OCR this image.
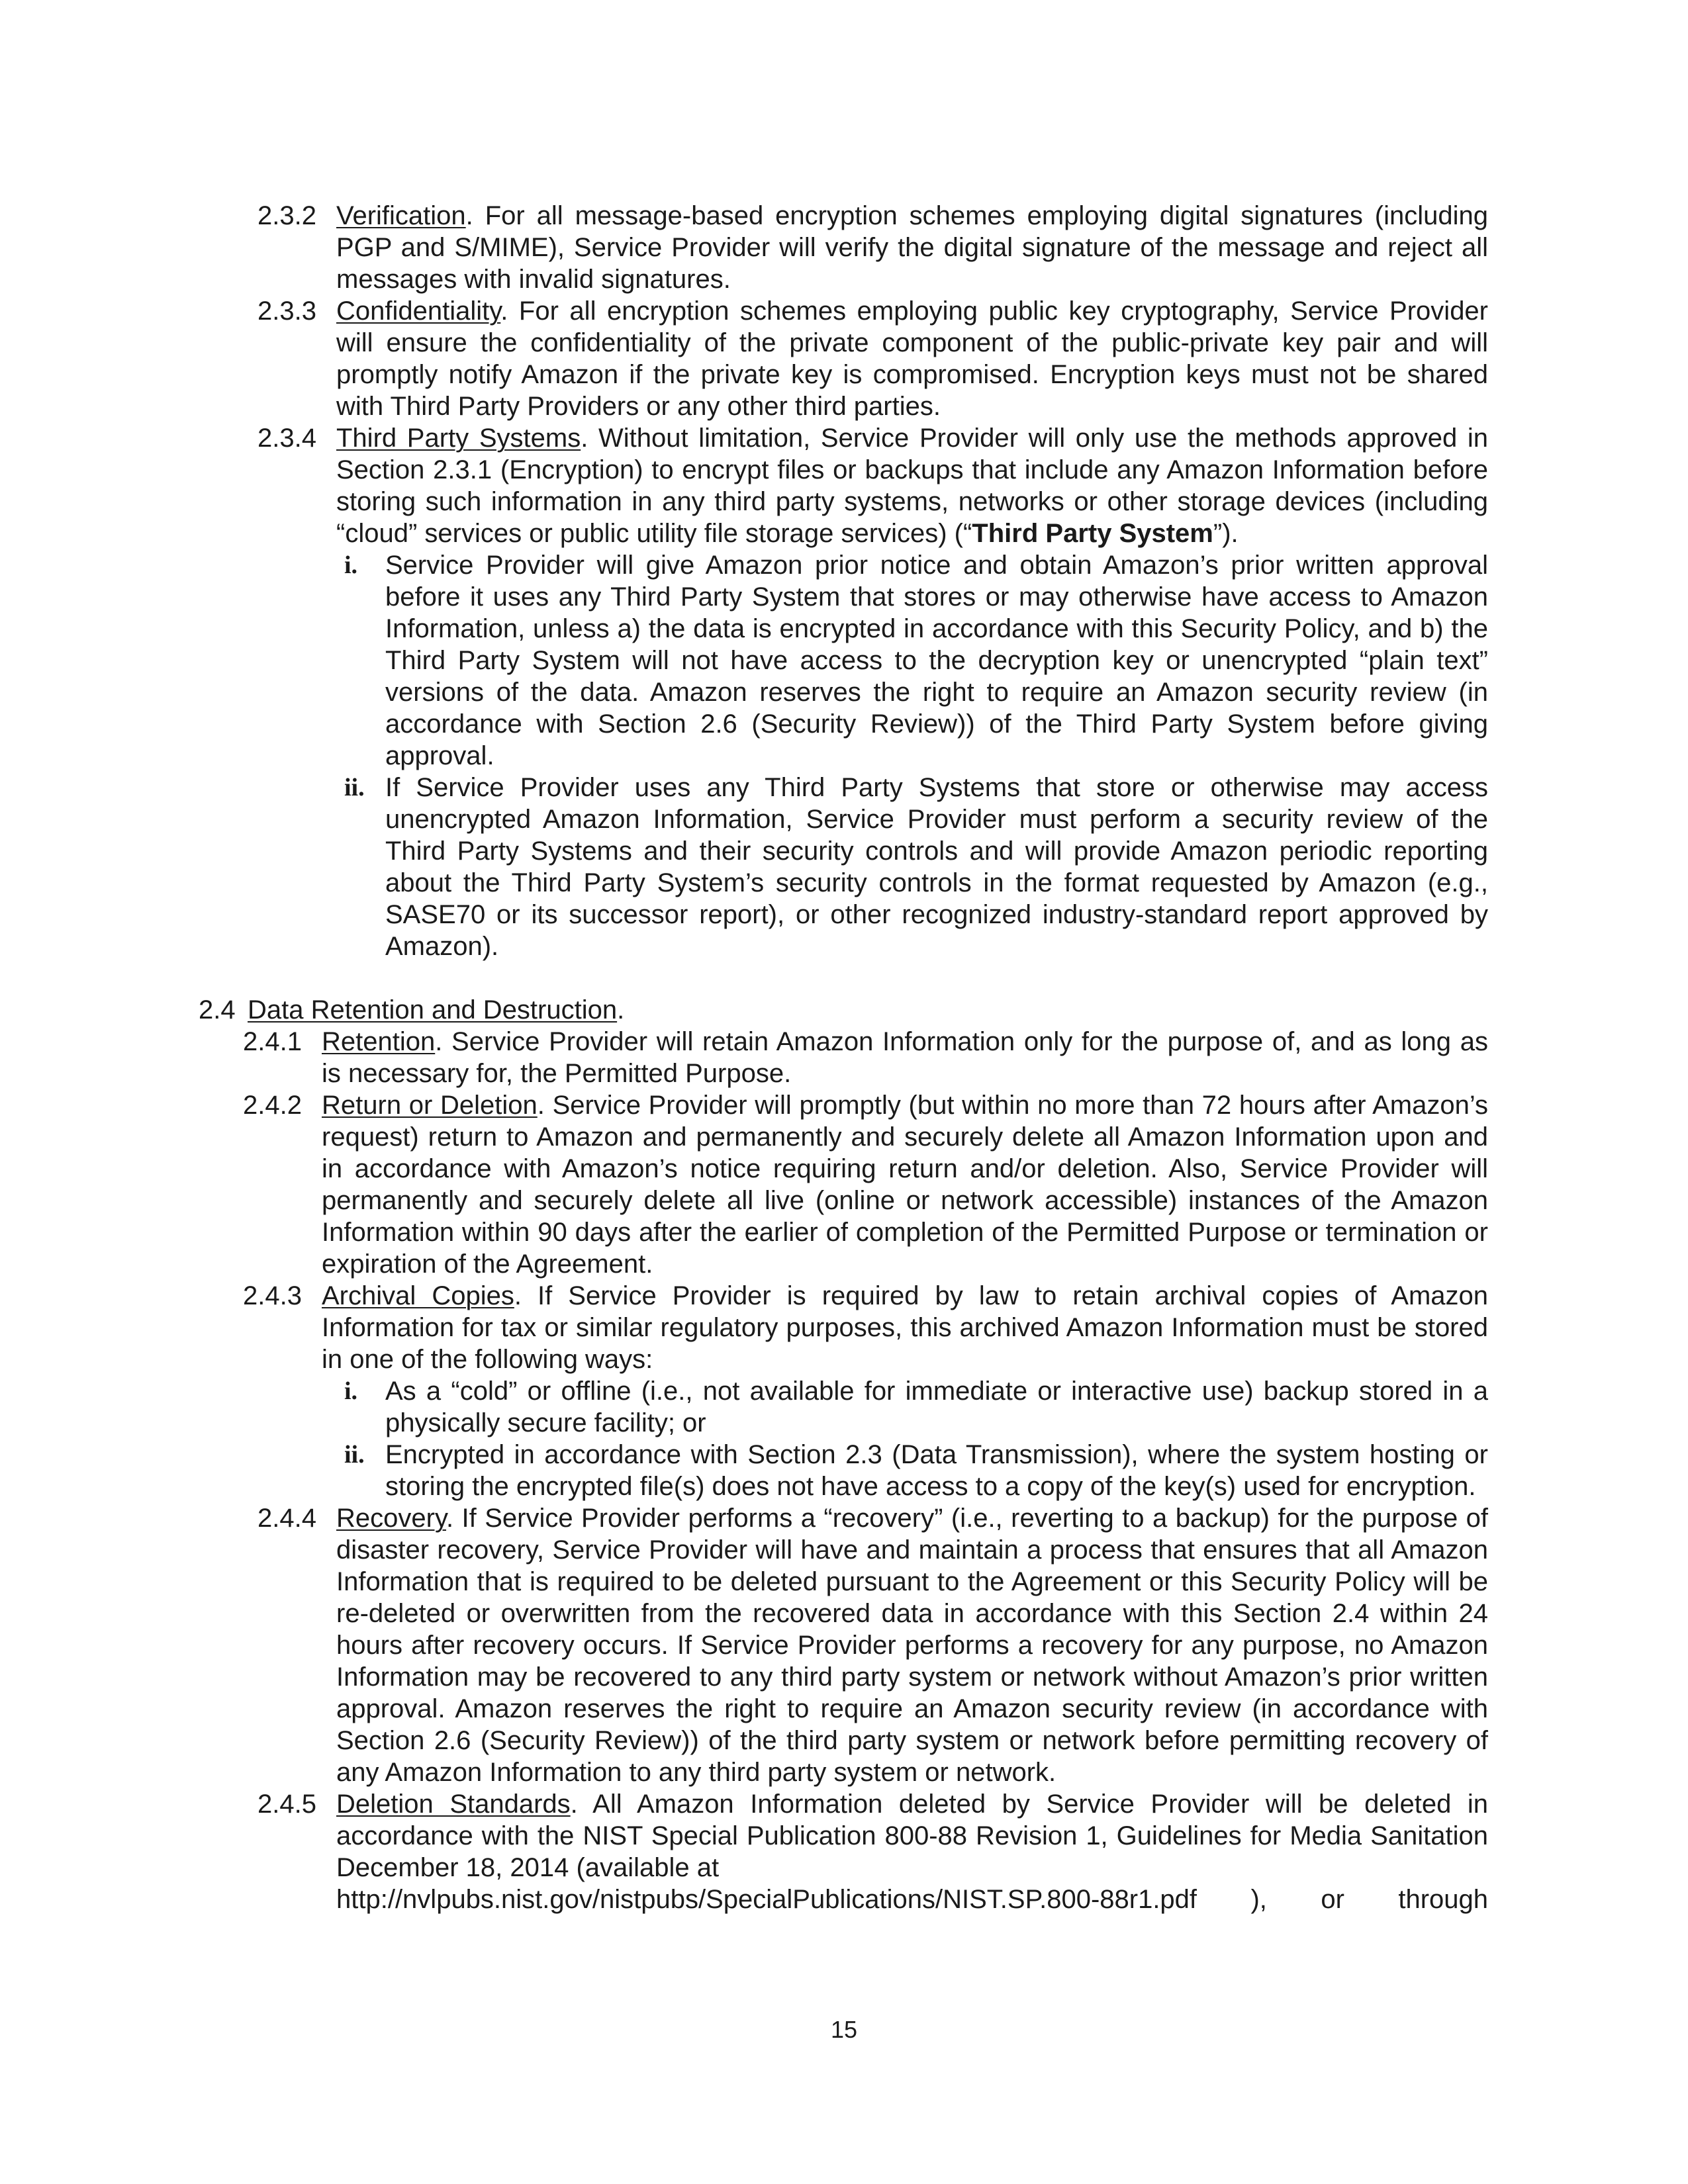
2.3.2 Verification. For all message-based encryption schemes employing digital signatures (including PGP and S/MIME), Service Provider will verify the digital signature of the message and reject all messages with invalid signatures.
2.3.3 Confidentiality. For all encryption schemes employing public key cryptography, Service Provider will ensure the confidentiality of the private component of the public-private key pair and will promptly notify Amazon if the private key is compromised. Encryption keys must not be shared with Third Party Providers or any other third parties.
2.3.4 Third Party Systems. Without limitation, Service Provider will only use the methods approved in Section 2.3.1 (Encryption) to encrypt files or backups that include any Amazon Information before storing such information in any third party systems, networks or other storage devices (including “cloud” services or public utility file storage services) (“Third Party System”).
i. Service Provider will give Amazon prior notice and obtain Amazon’s prior written approval before it uses any Third Party System that stores or may otherwise have access to Amazon Information, unless a) the data is encrypted in accordance with this Security Policy, and b) the Third Party System will not have access to the decryption key or unencrypted “plain text” versions of the data. Amazon reserves the right to require an Amazon security review (in accordance with Section 2.6 (Security Review)) of the Third Party System before giving approval.
ii. If Service Provider uses any Third Party Systems that store or otherwise may access unencrypted Amazon Information, Service Provider must perform a security review of the Third Party Systems and their security controls and will provide Amazon periodic reporting about the Third Party System’s security controls in the format requested by Amazon (e.g., SASE70 or its successor report), or other recognized industry-standard report approved by Amazon).
2.4 Data Retention and Destruction.
2.4.1 Retention. Service Provider will retain Amazon Information only for the purpose of, and as long as is necessary for, the Permitted Purpose.
2.4.2 Return or Deletion. Service Provider will promptly (but within no more than 72 hours after Amazon’s request) return to Amazon and permanently and securely delete all Amazon Information upon and in accordance with Amazon’s notice requiring return and/or deletion. Also, Service Provider will permanently and securely delete all live (online or network accessible) instances of the Amazon Information within 90 days after the earlier of completion of the Permitted Purpose or termination or expiration of the Agreement.
2.4.3 Archival Copies. If Service Provider is required by law to retain archival copies of Amazon Information for tax or similar regulatory purposes, this archived Amazon Information must be stored in one of the following ways:
i. As a “cold” or offline (i.e., not available for immediate or interactive use) backup stored in a physically secure facility; or
ii. Encrypted in accordance with Section 2.3 (Data Transmission), where the system hosting or storing the encrypted file(s) does not have access to a copy of the key(s) used for encryption.
2.4.4 Recovery. If Service Provider performs a “recovery” (i.e., reverting to a backup) for the purpose of disaster recovery, Service Provider will have and maintain a process that ensures that all Amazon Information that is required to be deleted pursuant to the Agreement or this Security Policy will be re-deleted or overwritten from the recovered data in accordance with this Section 2.4 within 24 hours after recovery occurs. If Service Provider performs a recovery for any purpose, no Amazon Information may be recovered to any third party system or network without Amazon’s prior written approval. Amazon reserves the right to require an Amazon security review (in accordance with Section 2.6 (Security Review)) of the third party system or network before permitting recovery of any Amazon Information to any third party system or network.
2.4.5 Deletion Standards. All Amazon Information deleted by Service Provider will be deleted in accordance with the NIST Special Publication 800-88 Revision 1, Guidelines for Media Sanitation December 18, 2014 (available at
http://nvlpubs.nist.gov/nistpubs/SpecialPublications/NIST.SP.800-88r1.pdf ), or through
15
